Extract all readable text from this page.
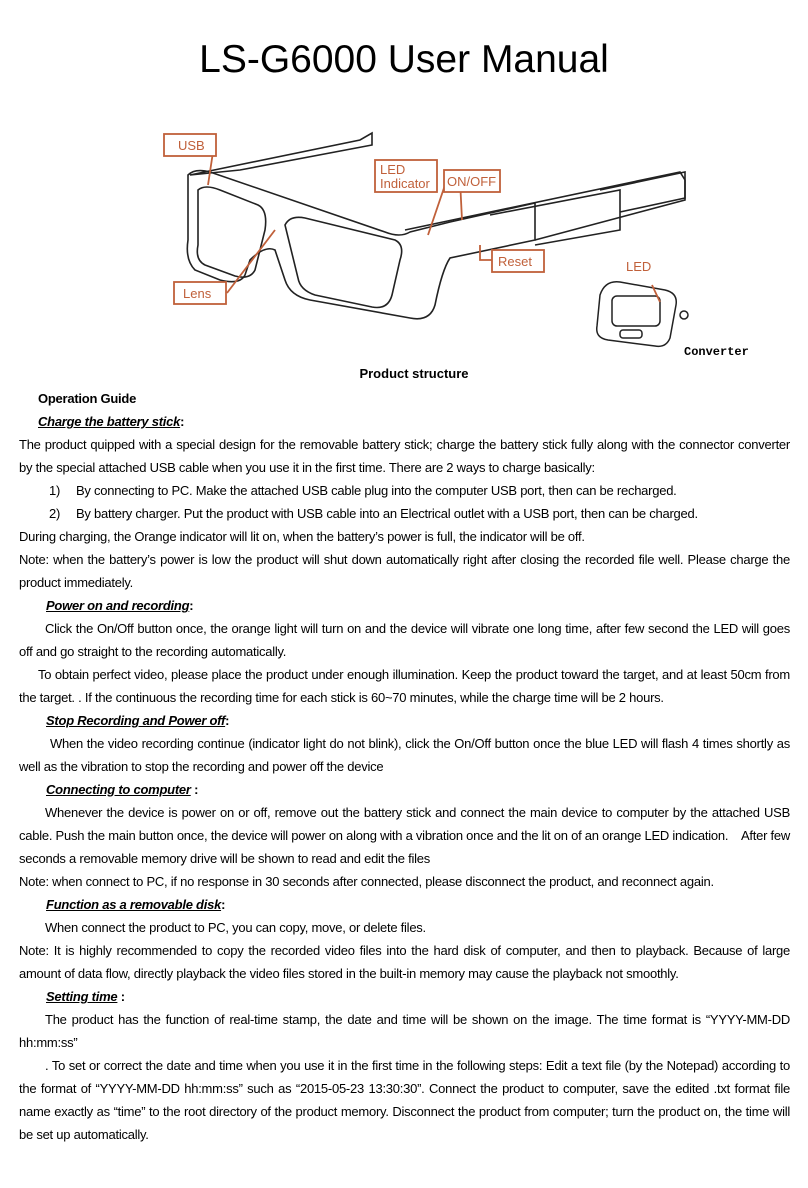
LS-G6000 User Manual
USB
LED
Indicator ON/OFF
Reset
Lens
LED
Converter
Product structure

Operation Guide

Charge the battery stick:

The product quipped with a special design for the removable battery stick; charge the battery stick fully along with the connector converter by the special attached USB cable when you use it in the first time. There are 2 ways to charge basically:

1)	By connecting to PC. Make the attached USB cable plug into the computer USB port, then can be recharged.
2)	By battery charger. Put the product with USB cable into an Electrical outlet with a USB port, then can be charged.

During charging, the Orange indicator will lit on, when the battery’s power is full, the indicator will be off.

Note: when the battery’s power is low the product will shut down automatically right after closing the recorded file well. Please charge the product immediately.

Power on and recording:

Click the On/Off button once, the orange light will turn on and the device will vibrate one long time, after few second the LED will goes off and go straight to the recording automatically.

To obtain perfect video, please place the product under enough illumination. Keep the product toward the target, and at least 50cm from the target. . If the continuous the recording time for each stick is 60~70 minutes, while the charge time will be 2 hours.

Stop Recording and Power off:

When the video recording continue (indicator light do not blink), click the On/Off button once the blue LED will flash 4 times shortly as well as the vibration to stop the recording and power off the device

Connecting to computer :

Whenever the device is power on or off, remove out the battery stick and connect the main device to computer by the attached USB cable. Push the main button once, the device will power on along with a vibration once and the lit on of an orange LED indication.    After few seconds a removable memory drive will be shown to read and edit the files

Note: when connect to PC, if no response in 30 seconds after connected, please disconnect the product, and reconnect again.

Function as a removable disk:

When connect the product to PC, you can copy, move, or delete files.

Note: It is highly recommended to copy the recorded video files into the hard disk of computer, and then to playback. Because of large amount of data flow, directly playback the video files stored in the built-in memory may cause the playback not smoothly.

Setting time :

The product has the function of real-time stamp, the date and time will be shown on the image. The time format is “YYYY-MM-DD hh:mm:ss”

. To set or correct the date and time when you use it in the first time in the following steps: Edit a text file (by the Notepad) according to the format of “YYYY-MM-DD hh:mm:ss” such as “2015-05-23 13:30:30”. Connect the product to computer, save the edited .txt format file name exactly as “time” to the root directory of the product memory. Disconnect the product from computer; turn the product on, the time will be set up automatically.
